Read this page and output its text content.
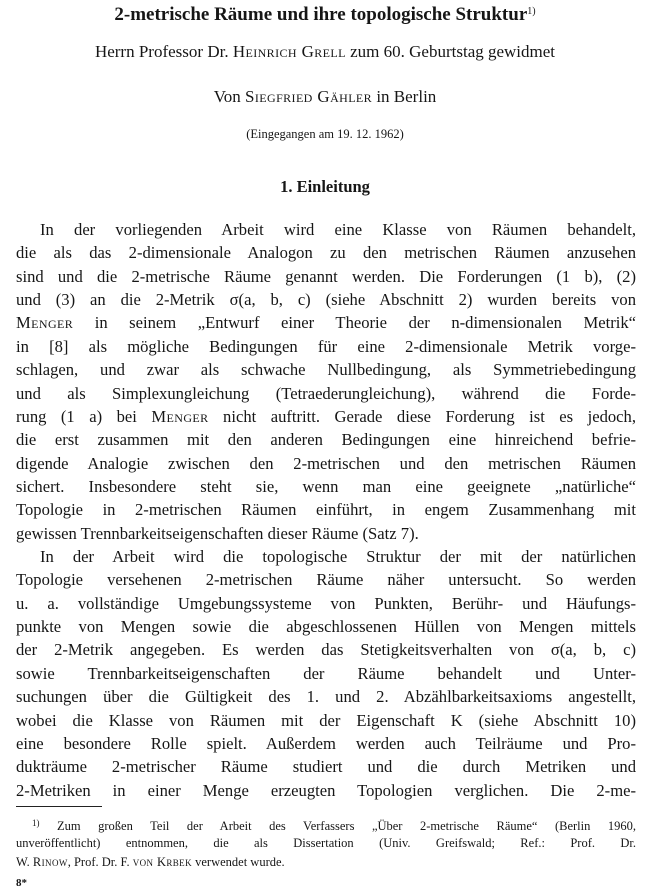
2-metrische Räume und ihre topologische Struktur$^{1)}$
Herrn Professor Dr. Heinrich Grell zum 60. Geburtstag gewidmet
Von Siegfried Gähler in Berlin
(Eingegangen am 19. 12. 1962)
1. Einleitung
In der vorliegenden Arbeit wird eine Klasse von Räumen behandelt,
die als das 2-dimensionale Analogon zu den metrischen Räumen anzusehen
sind und die 2-metrische Räume genannt werden. Die Forderungen (1 b), (2)
und (3) an die 2-Metrik σ(a, b, c) (siehe Abschnitt 2) wurden bereits von
Menger in seinem „Entwurf einer Theorie der n-dimensionalen Metrik“
in [8] als mögliche Bedingungen für eine 2-dimensionale Metrik vorge-
schlagen, und zwar als schwache Nullbedingung, als Symmetriebedingung
und als Simplexungleichung (Tetraederungleichung), während die Forde-
rung (1 a) bei Menger nicht auftritt. Gerade diese Forderung ist es jedoch,
die erst zusammen mit den anderen Bedingungen eine hinreichend befrie-
digende Analogie zwischen den 2-metrischen und den metrischen Räumen
sichert. Insbesondere steht sie, wenn man eine geeignete „natürliche“
Topologie in 2-metrischen Räumen einführt, in engem Zusammenhang mit
gewissen Trennbarkeitseigenschaften dieser Räume (Satz 7).
In der Arbeit wird die topologische Struktur der mit der natürlichen
Topologie versehenen 2-metrischen Räume näher untersucht. So werden
u. a. vollständige Umgebungssysteme von Punkten, Berühr- und Häufungs-
punkte von Mengen sowie die abgeschlossenen Hüllen von Mengen mittels
der 2-Metrik angegeben. Es werden das Stetigkeitsverhalten von σ(a, b, c)
sowie Trennbarkeitseigenschaften der Räume behandelt und Unter-
suchungen über die Gültigkeit des 1. und 2. Abzählbarkeitsaxioms angestellt,
wobei die Klasse von Räumen mit der Eigenschaft K (siehe Abschnitt 10)
eine besondere Rolle spielt. Außerdem werden auch Teilräume und Pro-
dukträume 2-metrischer Räume studiert und die durch Metriken und
2-Metriken in einer Menge erzeugten Topologien verglichen. Die 2-me-
$^{1)}$ Zum großen Teil der Arbeit des Verfassers „Über 2-metrische Räume“ (Berlin 1960,
unveröffentlicht) entnommen, die als Dissertation (Univ. Greifswald; Ref.: Prof. Dr.
W. Rinow, Prof. Dr. F. von Krbek verwendet wurde.
8*
